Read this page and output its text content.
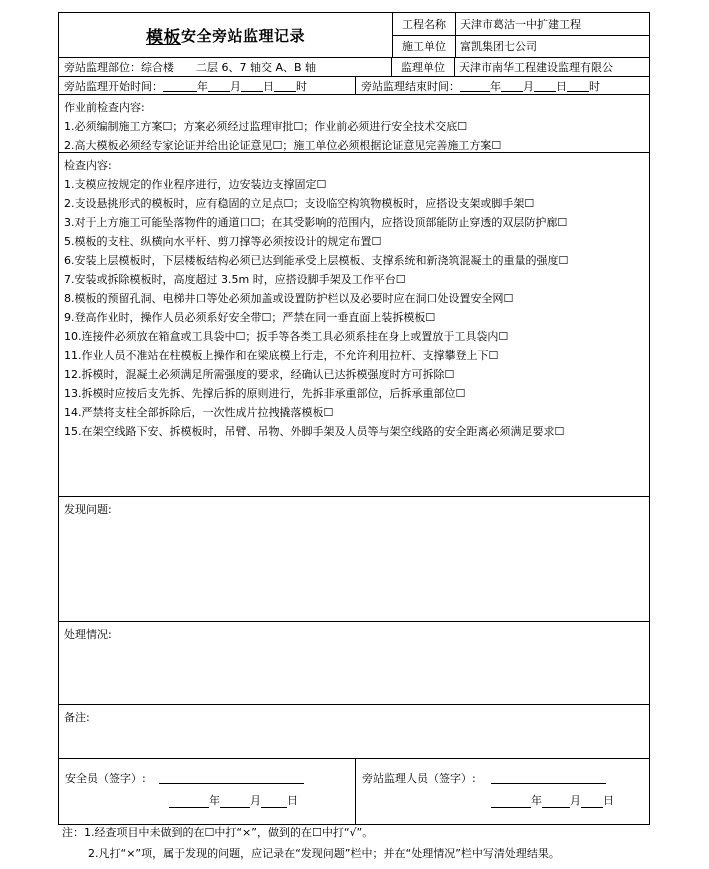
模板 安全旁站监理记录
工程名称	天津市葛沽一中扩建工程
施工单位	富凯集团七公司
旁站监理部位： 综合楼　　二层 6、7 轴交 A、B 轴	监理单位	天津市南华工程建设监理有限公
旁站监理开始时间：	年 月 日 时	旁站监理结束时间：	年 月 日 时
作业前检查内容:
1.必须编制施工方案☐；方案必须经过监理审批☐；作业前必须进行安全技术交底☐
2.高大模板必须经专家论证并给出论证意见☐；施工单位必须根据论证意见完善施工方案☐
检查内容:
1.支模应按规定的作业程序进行，边安装边支撑固定☐
2.支设悬挑形式的模板时，应有稳固的立足点☐；支设临空构筑物模板时，应搭设支架或脚手架☐
3.对于上方施工可能坠落物件的通道口☐；在其受影响的范围内，应搭设顶部能防止穿透的双层防护廊☐
5.模板的支柱、纵横向水平杆、剪刀撑等必须按设计的规定布置☐
6.安装上层模板时，下层楼板结构必须已达到能承受上层模板、支撑系统和新浇筑混凝土的重量的强度☐
7.安装或拆除模板时，高度超过 3.5m 时，应搭设脚手架及工作平台☐
8.模板的预留孔洞、电梯井口等处必须加盖或设置防护栏以及必要时应在洞口处设置安全网☐
9.登高作业时，操作人员必须系好安全带☐；严禁在同一垂直面上装拆模板☐
10.连接件必须放在箱盒或工具袋中☐；扳手等各类工具必须系挂在身上或置放于工具袋内☐
11.作业人员不准站在柱模板上操作和在梁底模上行走，不允许利用拉杆、支撑攀登上下☐
12.拆模时，混凝土必须满足所需强度的要求，经确认已达拆模强度时方可拆除☐
13.拆模时应按后支先拆、先撑后拆的原则进行，先拆非承重部位，后拆承重部位☐
14.严禁将支柱全部拆除后，一次性成片拉拽撬落模板☐
15.在架空线路下安、拆模板时，吊臂、吊物、外脚手架及人员等与架空线路的安全距离必须满足要求☐
发现问题:
处理情况:
备注:
安全员（签字）:
年	月 日
旁站监理人员（签字）:
年	月 日
注：1.经查项目中未做到的在☐中打“×”，做到的在☐中打“√”。
2.凡打“×”项，属于发现的问题，应记录在“发现问题”栏中；并在“处理情况”栏中写清处理结果。
